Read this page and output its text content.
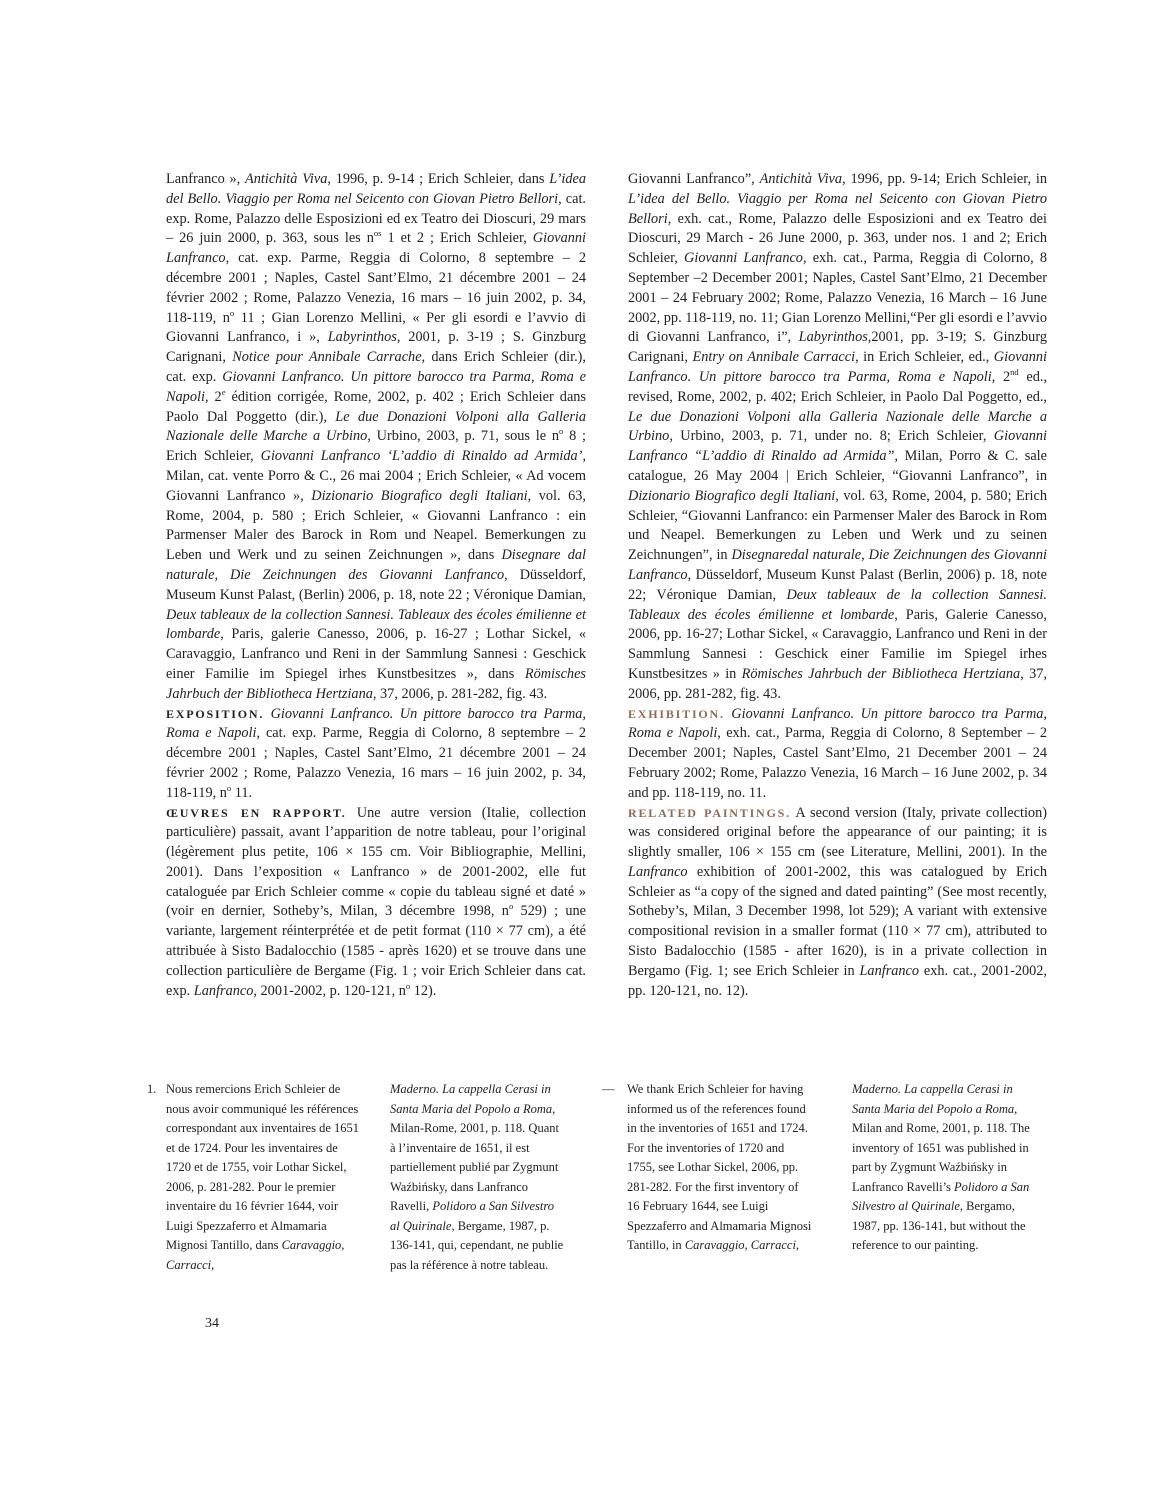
Lanfranco », Antichità Viva, 1996, p. 9-14 ; Erich Schleier, dans L’idea del Bello. Viaggio per Roma nel Seicento con Giovan Pietro Bellori, cat. exp. Rome, Palazzo delle Esposizioni ed ex Teatro dei Dioscuri, 29 mars – 26 juin 2000, p. 363, sous les $n^{os}$ 1 et 2 ; Erich Schleier, Giovanni Lanfranco, cat. exp. Parme, Reggia di Colorno, 8 septembre – 2 décembre 2001 ; Naples, Castel Sant’Elmo, 21 décembre 2001 – 24 février 2002 ; Rome, Palazzo Venezia, 16 mars – 16 juin 2002, p. 34, 118-119, $n^o$ 11 ; Gian Lorenzo Mellini, « Per gli esordi e l’avvio di Giovanni Lanfranco, i », Labyrinthos, 2001, p. 3-19 ; S. Ginzburg Carignani, Notice pour Annibale Carrache, dans Erich Schleier (dir.), cat. exp. Giovanni Lanfranco. Un pittore barocco tra Parma, Roma e Napoli, 2e édition corrigée, Rome, 2002, p. 402 ; Erich Schleier dans Paolo Dal Poggetto (dir.), Le due Donazioni Volponi alla Galleria Nazionale delle Marche a Urbino, Urbino, 2003, p. 71, sous le $n^o$ 8 ; Erich Schleier, Giovanni Lanfranco ‘L’addio di Rinaldo ad Armida’, Milan, cat. vente Porro & C., 26 mai 2004 ; Erich Schleier, « Ad vocem Giovanni Lanfranco », Dizionario Biografico degli Italiani, vol. 63, Rome, 2004, p. 580 ; Erich Schleier, « Giovanni Lanfranco : ein Parmenser Maler des Barock in Rom und Neapel. Bemerkungen zu Leben und Werk und zu seinen Zeichnungen », dans Disegnare dal naturale, Die Zeichnungen des Giovanni Lanfranco, Düsseldorf, Museum Kunst Palast, (Berlin) 2006, p. 18, note 22 ; Véronique Damian, Deux tableaux de la collection Sannesi. Tableaux des écoles émilienne et lombarde, Paris, galerie Canesso, 2006, p. 16-27 ; Lothar Sickel, « Caravaggio, Lanfranco und Reni in der Sammlung Sannesi : Geschick einer Familie im Spiegel irhes Kunstbesitzes », dans Römisches Jahrbuch der Bibliotheca Hertziana, 37, 2006, p. 281-282, fig. 43.

EXPOSITION. Giovanni Lanfranco. Un pittore barocco tra Parma, Roma e Napoli, cat. exp. Parme, Reggia di Colorno, 8 septembre – 2 décembre 2001 ; Naples, Castel Sant’Elmo, 21 décembre 2001 – 24 février 2002 ; Rome, Palazzo Venezia, 16 mars – 16 juin 2002, p. 34, 118-119, $n^o$ 11.

ŒUVRES EN RAPPORT. Une autre version (Italie, collection particulière) passait, avant l’apparition de notre tableau, pour l’original (légèrement plus petite, 106 × 155 cm. Voir Bibliographie, Mellini, 2001). Dans l’exposition « Lanfranco » de 2001-2002, elle fut cataloguée par Erich Schleier comme « copie du tableau signé et daté » (voir en dernier, Sotheby’s, Milan, 3 décembre 1998, $n^o$ 529) ; une variante, largement réinterprétée et de petit format (110 × 77 cm), a été attribuée à Sisto Badalocchio (1585 - après 1620) et se trouve dans une collection particulière de Bergame (Fig. 1 ; voir Erich Schleier dans cat. exp. Lanfranco, 2001-2002, p. 120-121, $n^o$ 12).

Giovanni Lanfranco”, Antichità Viva, 1996, pp. 9-14; Erich Schleier, in L’idea del Bello. Viaggio per Roma nel Seicento con Giovan Pietro Bellori, exh. cat., Rome, Palazzo delle Esposizioni and ex Teatro dei Dioscuri, 29 March - 26 June 2000, p. 363, under nos. 1 and 2; Erich Schleier, Giovanni Lanfranco, exh. cat., Parma, Reggia di Colorno, 8 September –2 December 2001; Naples, Castel Sant’Elmo, 21 December 2001 – 24 February 2002; Rome, Palazzo Venezia, 16 March – 16 June 2002, pp. 118-119, no. 11; Gian Lorenzo Mellini,“Per gli esordi e l’avvio di Giovanni Lanfranco, i”, Labyrinthos,2001, pp. 3-19; S. Ginzburg Carignani, Entry on Annibale Carracci, in Erich Schleier, ed., Giovanni Lanfranco. Un pittore barocco tra Parma, Roma e Napoli, 2nd ed., revised, Rome, 2002, p. 402; Erich Schleier, in Paolo Dal Poggetto, ed., Le due Donazioni Volponi alla Galleria Nazionale delle Marche a Urbino, Urbino, 2003, p. 71, under no. 8; Erich Schleier, Giovanni Lanfranco “L’addio di Rinaldo ad Armida”, Milan, Porro & C. sale catalogue, 26 May 2004 | Erich Schleier, “Giovanni Lanfranco”, in Dizionario Biografico degli Italiani, vol. 63, Rome, 2004, p. 580; Erich Schleier, “Giovanni Lanfranco: ein Parmenser Maler des Barock in Rom und Neapel. Bemerkungen zu Leben und Werk und zu seinen Zeichnungen”, in Disegnaredal naturale, Die Zeichnungen des Giovanni Lanfranco, Düsseldorf, Museum Kunst Palast (Berlin, 2006) p. 18, note 22; Véronique Damian, Deux tableaux de la collection Sannesi. Tableaux des écoles émilienne et lombarde, Paris, Galerie Canesso, 2006, pp. 16-27; Lothar Sickel, « Caravaggio, Lanfranco und Reni in der Sammlung Sannesi : Geschick einer Familie im Spiegel irhes Kunstbesitzes » in Römisches Jahrbuch der Bibliotheca Hertziana, 37, 2006, pp. 281-282, fig. 43.

EXHIBITION. Giovanni Lanfranco. Un pittore barocco tra Parma, Roma e Napoli, exh. cat., Parma, Reggia di Colorno, 8 September – 2 December 2001; Naples, Castel Sant’Elmo, 21 December 2001 – 24 February 2002; Rome, Palazzo Venezia, 16 March – 16 June 2002, p. 34 and pp. 118-119, no. 11.

RELATED PAINTINGS. A second version (Italy, private collection) was considered original before the appearance of our painting; it is slightly smaller, 106 × 155 cm (see Literature, Mellini, 2001). In the Lanfranco exhibition of 2001-2002, this was catalogued by Erich Schleier as “a copy of the signed and dated painting” (See most recently, Sotheby’s, Milan, 3 December 1998, lot 529); A variant with extensive compositional revision in a smaller format (110 × 77 cm), attributed to Sisto Badalocchio (1585 - after 1620), is in a private collection in Bergamo (Fig. 1; see Erich Schleier in Lanfranco exh. cat., 2001-2002, pp. 120-121, no. 12).

1. Nous remercions Erich Schleier de nous avoir communiqué les références correspondant aux inventaires de 1651 et de 1724. Pour les inventaires de 1720 et de 1755, voir Lothar Sickel, 2006, p. 281-282. Pour le premier inventaire du 16 février 1644, voir Luigi Spezzaferro et Almamaria Mignosi Tantillo, dans Caravaggio, Carracci,
Maderno. La cappella Cerasi in Santa Maria del Popolo a Roma, Milan-Rome, 2001, p. 118. Quant à l’inventaire de 1651, il est partiellement publié par Zygmunt Waźbińsky, dans Lanfranco Ravelli, Polidoro a San Silvestro al Quirinale, Bergame, 1987, p. 136-141, qui, cependant, ne publie pas la référence à notre tableau.
—	We thank Erich Schleier for having informed us of the references found in the inventories of 1651 and 1724. For the inventories of 1720 and 1755, see Lothar Sickel, 2006, pp. 281-282. For the first inventory of 16 February 1644, see Luigi Spezzaferro and Almamaria Mignosi Tantillo, in Caravaggio, Carracci,
Maderno. La cappella Cerasi in Santa Maria del Popolo a Roma, Milan and Rome, 2001, p. 118. The inventory of 1651 was published in part by Zygmunt Waźbińsky in Lanfranco Ravelli’s Polidoro a San Silvestro al Quirinale, Bergamo, 1987, pp. 136-141, but without the reference to our painting.
34
